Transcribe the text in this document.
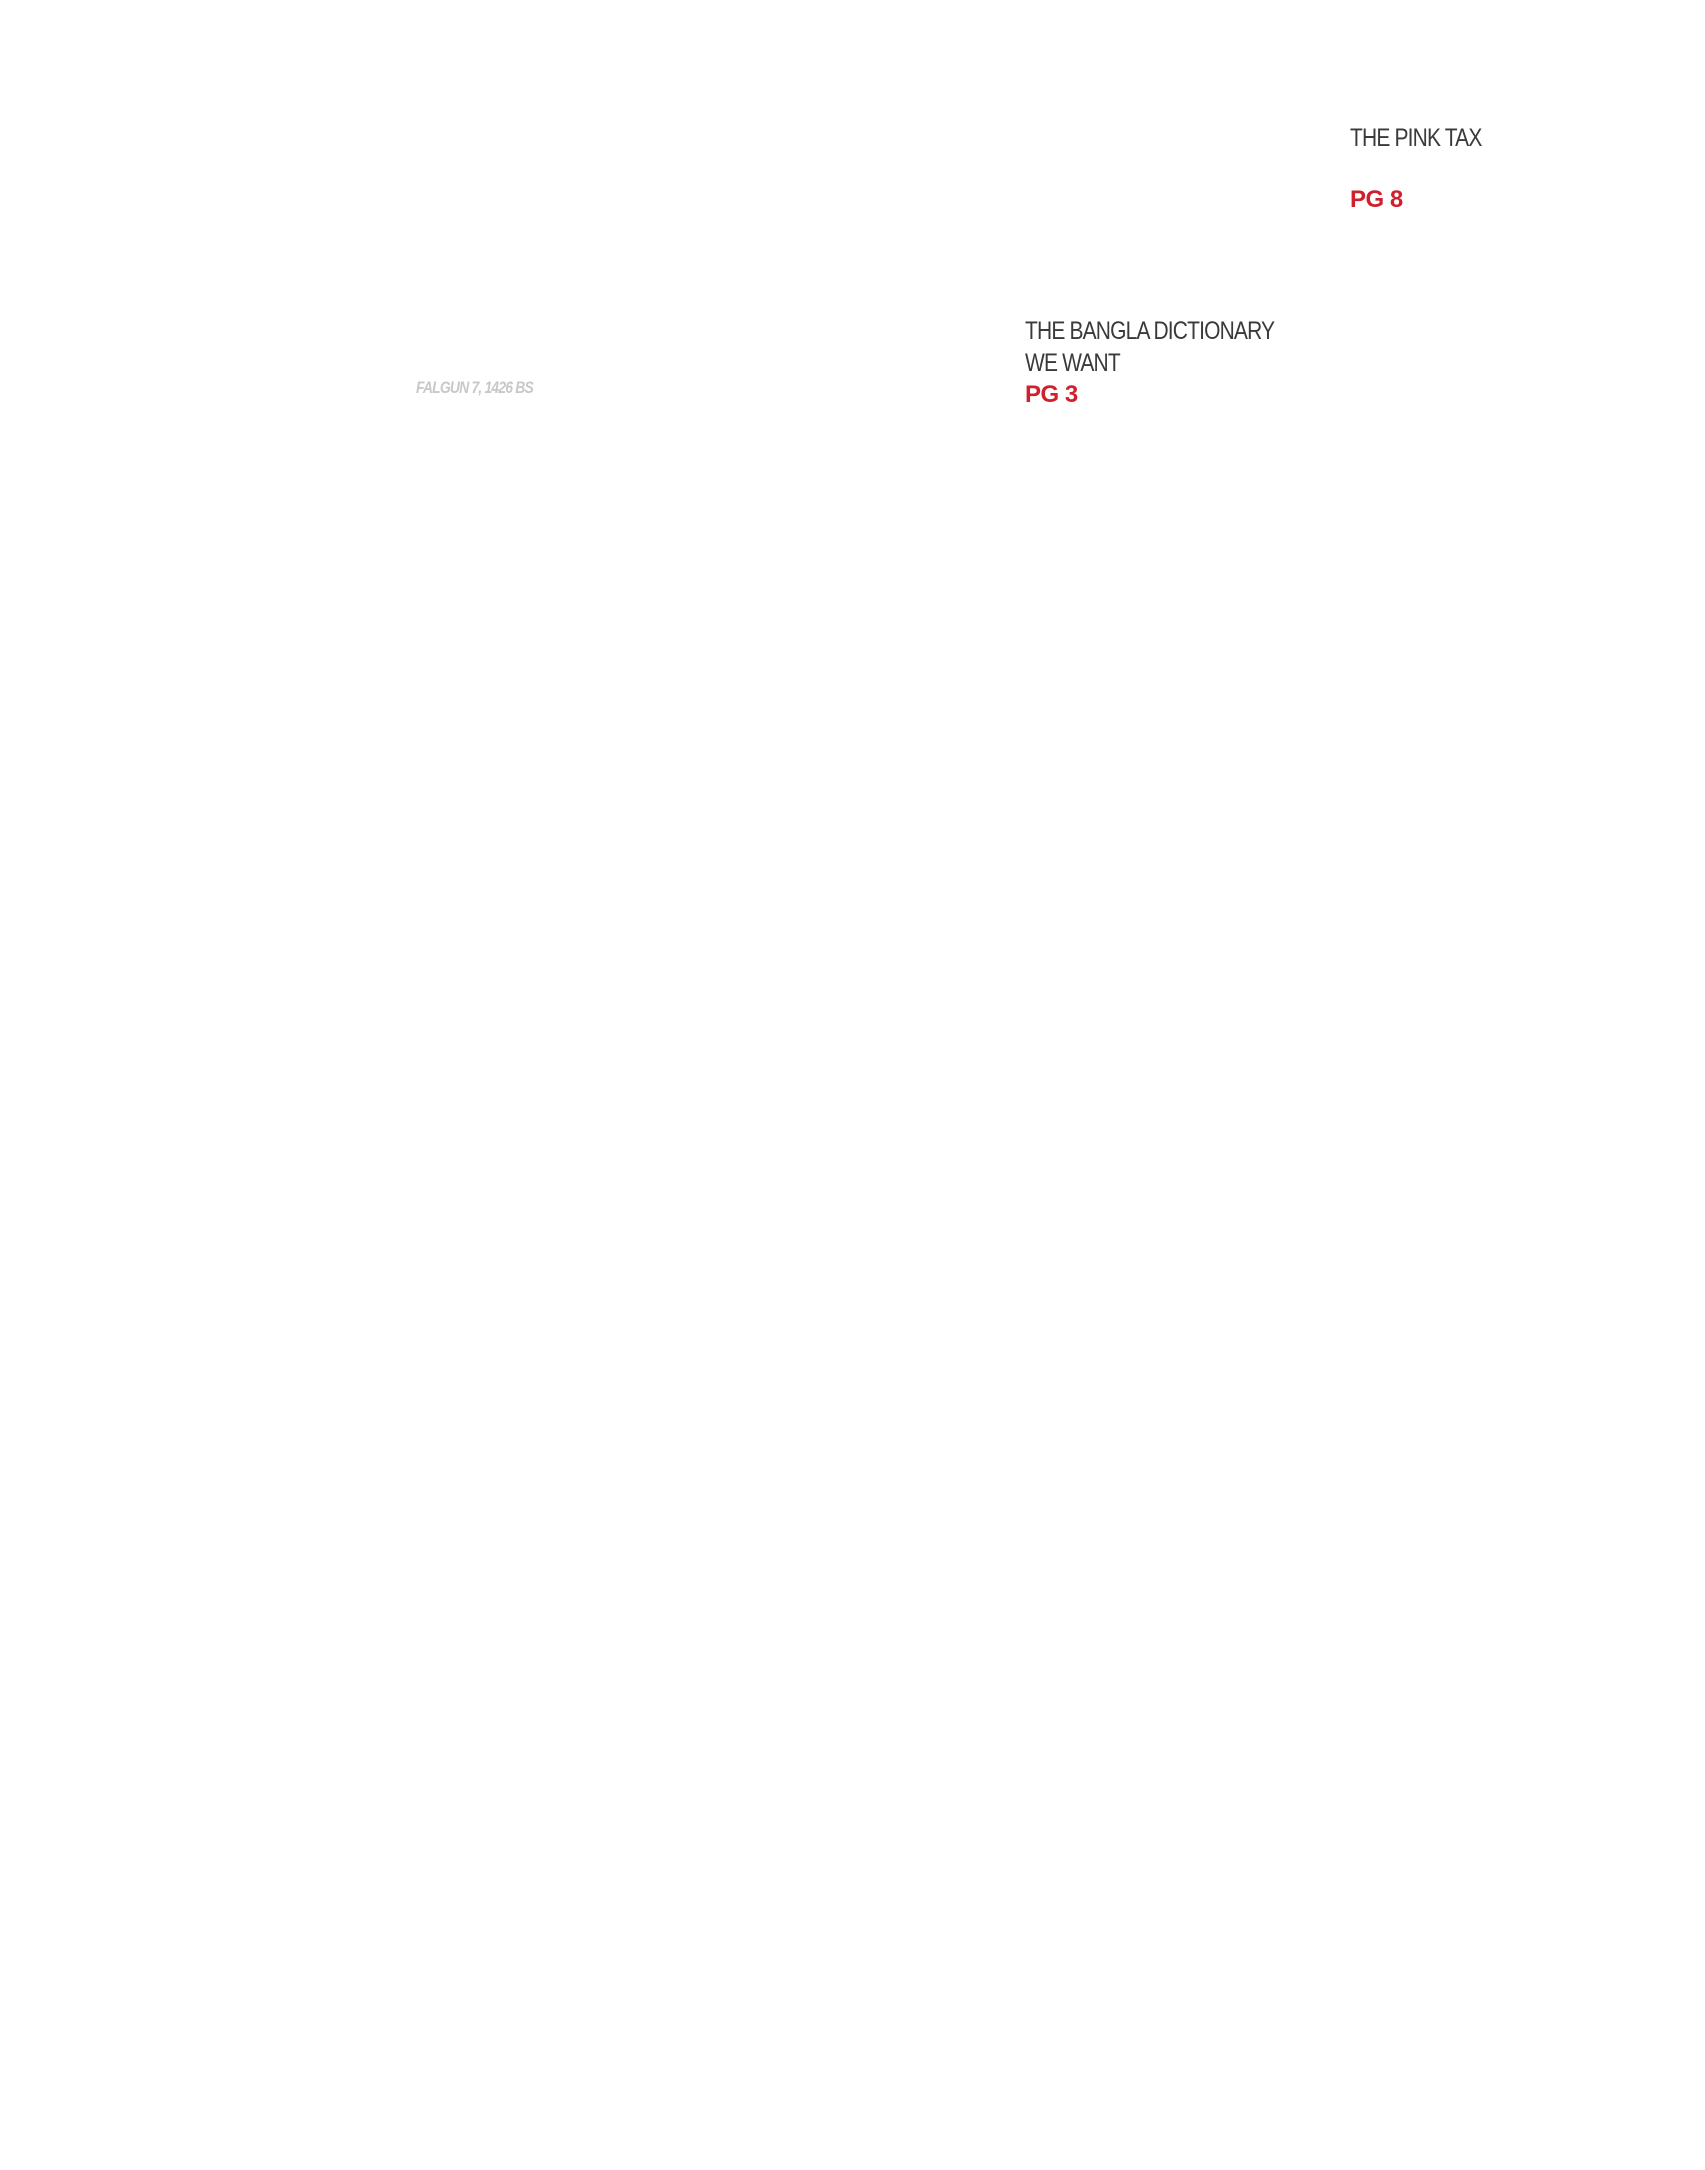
THE PINK TAX
PG 8
THE BANGLA DICTIONARY
WE WANT
PG 3
FALGUN 7, 1426 BS
